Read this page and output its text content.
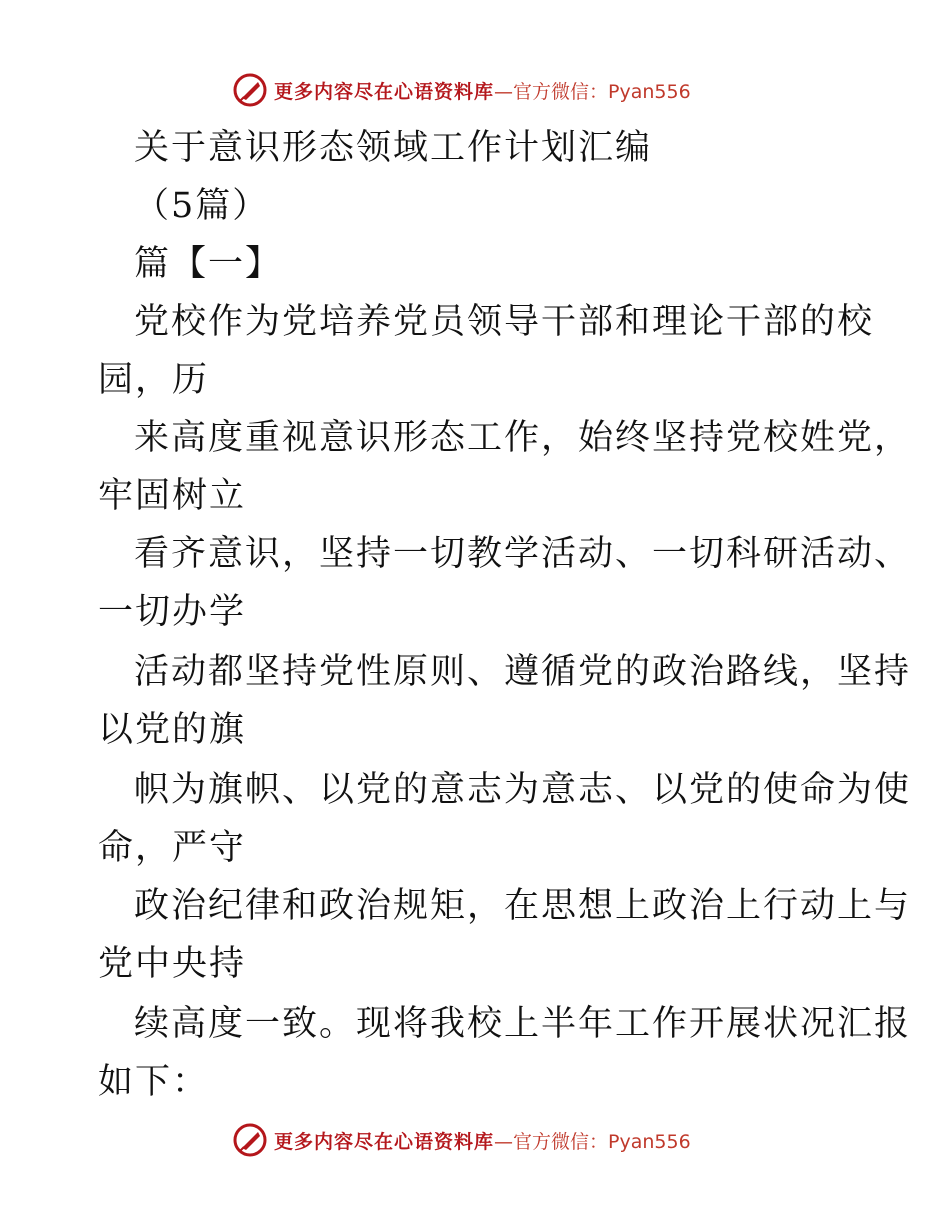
更多内容尽在心语资料库 —官方微信：Pyan556
关于意识形态领域工作计划汇编
（5篇）
篇【一】
党校作为党培养党员领导干部和理论干部的校
园，历
来高度重视意识形态工作，始终坚持党校姓党，
牢固树立
看齐意识，坚持一切教学活动、一切科研活动、
一切办学
活动都坚持党性原则、遵循党的政治路线，坚持
以党的旗
帜为旗帜、以党的意志为意志、以党的使命为使
命，严守
政治纪律和政治规矩，在思想上政治上行动上与
党中央持
续高度一致。现将我校上半年工作开展状况汇报
如下：
更多内容尽在心语资料库 —官方微信：Pyan556
